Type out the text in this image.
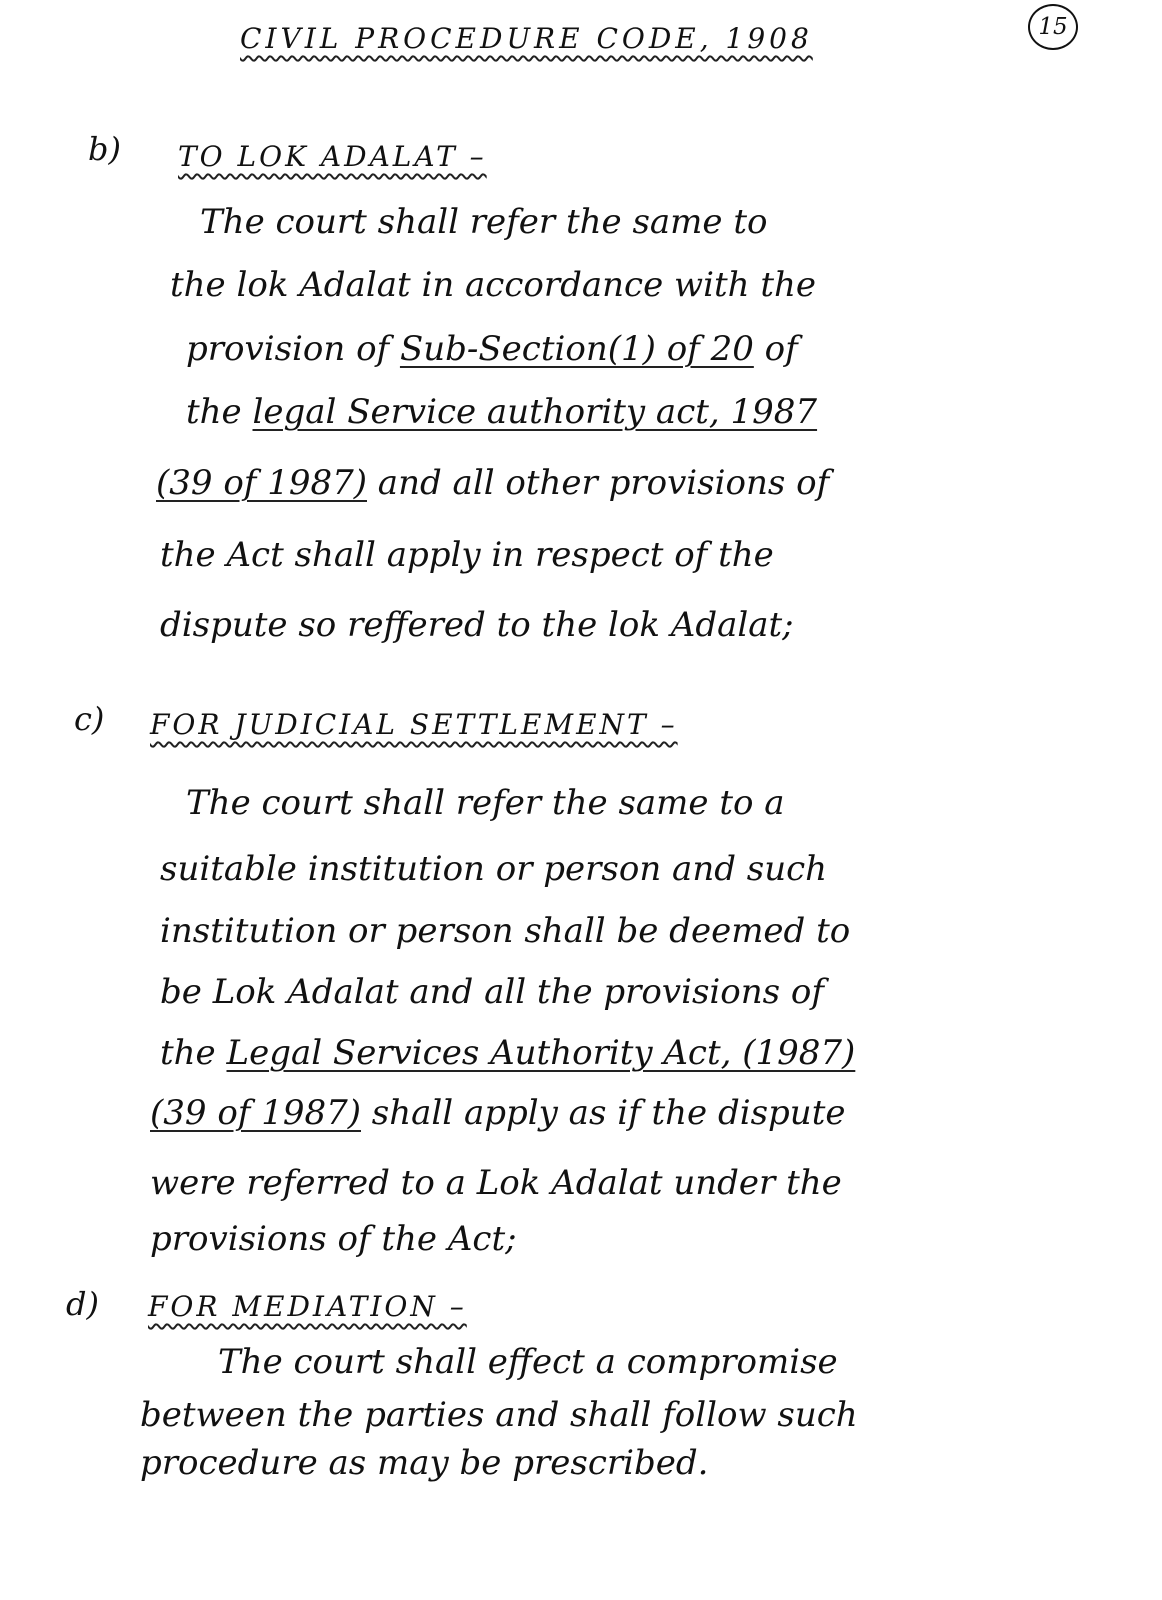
CIVIL PROCEDURE CODE, 1908	15
b) TO LOK ADALAT –
The court shall refer the same to
the lok Adalat in accordance with the
provision of Sub-Section(1) of 20 of
the legal Service authority act, 1987
(39 of 1987) and all other provisions of
the Act shall apply in respect of the
dispute so reffered to the lok Adalat;
c) FOR JUDICIAL SETTLEMENT –
The court shall refer the same to a
suitable institution or person and such
institution or person shall be deemed to
be Lok Adalat and all the provisions of
the Legal Services Authority Act, (1987)
(39 of 1987) shall apply as if the dispute
were referred to a Lok Adalat under the
provisions of the Act;
d) FOR MEDIATION –
The court shall effect a compromise
between the parties and shall follow such
procedure as may be prescribed.
